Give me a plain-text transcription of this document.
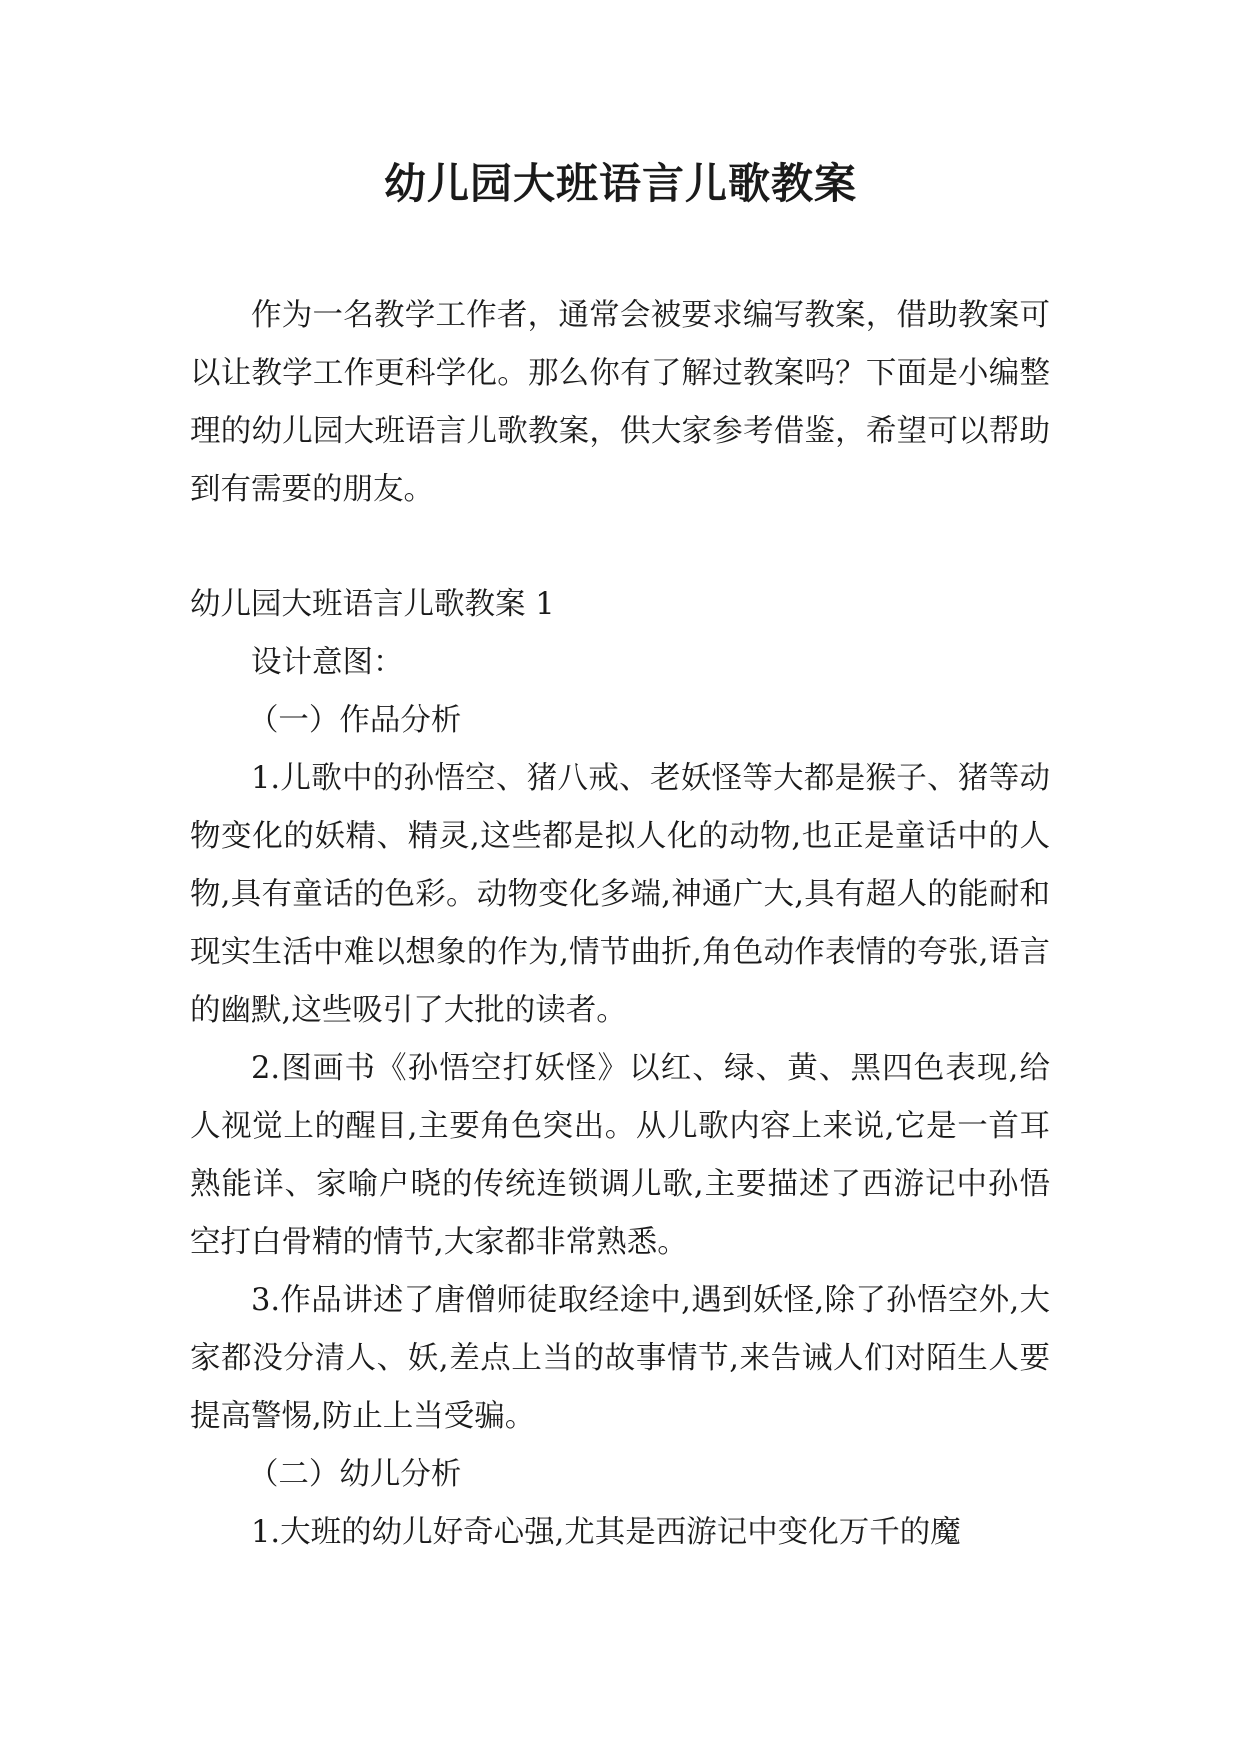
幼儿园大班语言儿歌教案

作为一名教学工作者，通常会被要求编写教案，借助教案可以让教学工作更科学化。那么你有了解过教案吗？下面是小编整理的幼儿园大班语言儿歌教案，供大家参考借鉴，希望可以帮助到有需要的朋友。

幼儿园大班语言儿歌教案 1

设计意图：

（一）作品分析

1.儿歌中的孙悟空、猪八戒、老妖怪等大都是猴子、猪等动物变化的妖精、精灵,这些都是拟人化的动物,也正是童话中的人物,具有童话的色彩。动物变化多端,神通广大,具有超人的能耐和现实生活中难以想象的作为,情节曲折,角色动作表情的夸张,语言的幽默,这些吸引了大批的读者。

2.图画书《孙悟空打妖怪》以红、绿、黄、黑四色表现,给人视觉上的醒目,主要角色突出。从儿歌内容上来说,它是一首耳熟能详、家喻户晓的传统连锁调儿歌,主要描述了西游记中孙悟空打白骨精的情节,大家都非常熟悉。

3.作品讲述了唐僧师徒取经途中,遇到妖怪,除了孙悟空外,大家都没分清人、妖,差点上当的故事情节,来告诫人们对陌生人要提高警惕,防止上当受骗。

（二）幼儿分析

1.大班的幼儿好奇心强,尤其是西游记中变化万千的魔
